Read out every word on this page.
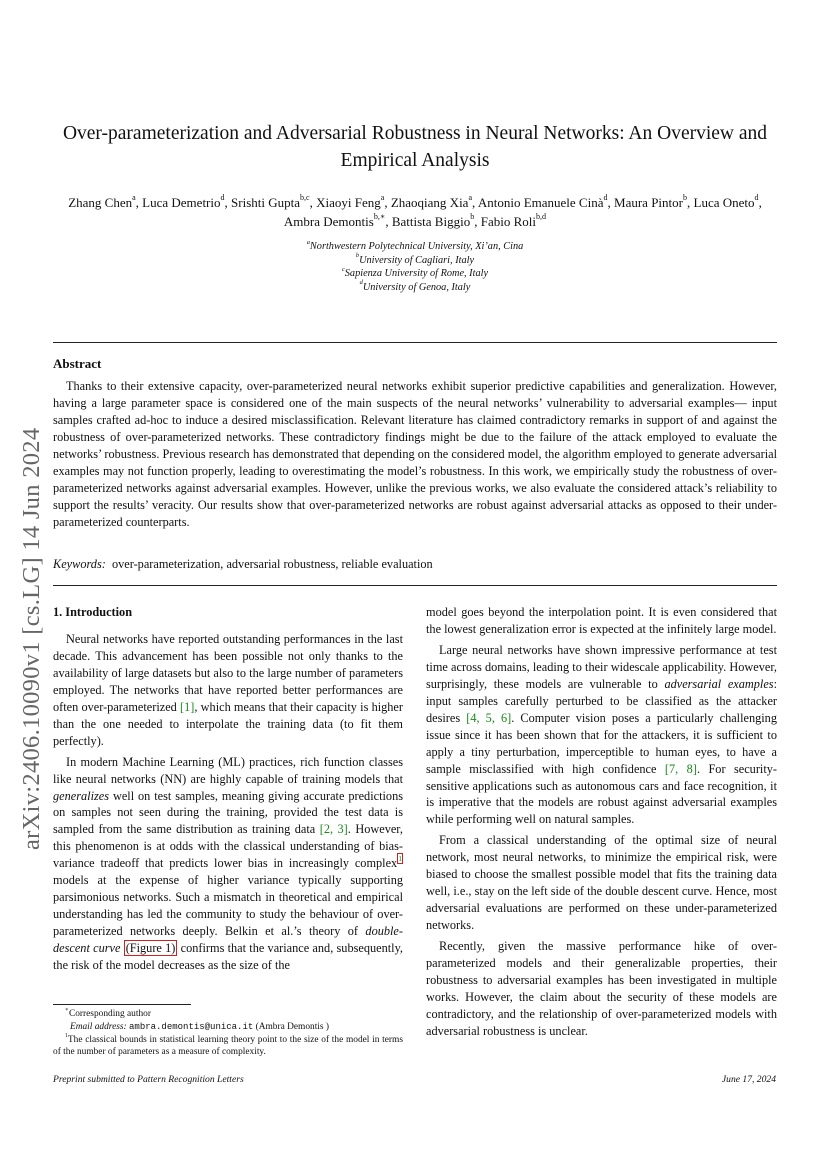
arXiv:2406.10090v1 [cs.LG] 14 Jun 2024
Over-parameterization and Adversarial Robustness in Neural Networks: An Overview and Empirical Analysis
Zhang Chen$^a$, Luca Demetrio$^d$, Srishti Gupta$^{b,c}$, Xiaoyi Feng$^a$, Zhaoqiang Xia$^a$, Antonio Emanuele Cinà$^d$, Maura Pintor$^b$, Luca Oneto$^d$, Ambra Demontis$^{b,∗}$, Battista Biggio$^b$, Fabio Roli$^{b,d}$
$^a$Northwestern Polytechnical University, Xi’an, Cina
$^b$University of Cagliari, Italy
$^c$Sapienza University of Rome, Italy
$^d$University of Genoa, Italy
Abstract

Thanks to their extensive capacity, over-parameterized neural networks exhibit superior predictive capabilities and generalization. However, having a large parameter space is considered one of the main suspects of the neural networks’ vulnerability to adversarial examples— input samples crafted ad-hoc to induce a desired misclassification. Relevant literature has claimed contradictory remarks in support of and against the robustness of over-parameterized networks. These contradictory findings might be due to the failure of the attack employed to evaluate the networks’ robustness. Previous research has demonstrated that depending on the considered model, the algorithm employed to generate adversarial examples may not function properly, leading to overestimating the model’s robustness. In this work, we empirically study the robustness of over-parameterized networks against adversarial examples. However, unlike the previous works, we also evaluate the considered attack’s reliability to support the results’ veracity. Our results show that over-parameterized networks are robust against adversarial attacks as opposed to their under-parameterized counterparts.

Keywords: over-parameterization, adversarial robustness, reliable evaluation
1. Introduction

Neural networks have reported outstanding performances in the last decade. This advancement has been possible not only thanks to the availability of large datasets but also to the large number of parameters employed. The networks that have reported better performances are often over-parameterized [1], which means that their capacity is higher than the one needed to interpolate the training data (to fit them perfectly).

In modern Machine Learning (ML) practices, rich function classes like neural networks (NN) are highly capable of training models that generalizes well on test samples, meaning giving accurate predictions on samples not seen during the training, provided the test data is sampled from the same distribution as training data [2, 3]. However, this phenomenon is at odds with the classical understanding of bias-variance tradeoff that predicts lower bias in increasingly complex$^1$ models at the expense of higher variance typically supporting parsimonious networks. Such a mismatch in theoretical and empirical understanding has led the community to study the behaviour of over-parameterized networks deeply. Belkin et al.’s theory of double-descent curve (Figure 1) confirms that the variance and, subsequently, the risk of the model decreases as the size of the

model goes beyond the interpolation point. It is even considered that the lowest generalization error is expected at the infinitely large model.

Large neural networks have shown impressive performance at test time across domains, leading to their widescale applicability. However, surprisingly, these models are vulnerable to adversarial examples: input samples carefully perturbed to be classified as the attacker desires [4, 5, 6]. Computer vision poses a particularly challenging issue since it has been shown that for the attackers, it is sufficient to apply a tiny perturbation, imperceptible to human eyes, to have a sample misclassified with high confidence [7, 8]. For security-sensitive applications such as autonomous cars and face recognition, it is imperative that the models are robust against adversarial examples while performing well on natural samples.

From a classical understanding of the optimal size of neural network, most neural networks, to minimize the empirical risk, were biased to choose the smallest possible model that fits the training data well, i.e., stay on the left side of the double descent curve. Hence, most adversarial evaluations are performed on these under-parameterized networks.

Recently, given the massive performance hike of over-parameterized models and their generalizable properties, their robustness to adversarial examples has been investigated in multiple works. However, the claim about the security of these models are contradictory, and the relationship of over-parameterized models with adversarial robustness is unclear.

∗Corresponding author
Email address: ambra.demontis@unica.it (Ambra Demontis )
$^1$The classical bounds in statistical learning theory point to the size of the model in terms of the number of parameters as a measure of complexity.
Preprint submitted to Pattern Recognition Letters	June 17, 2024
